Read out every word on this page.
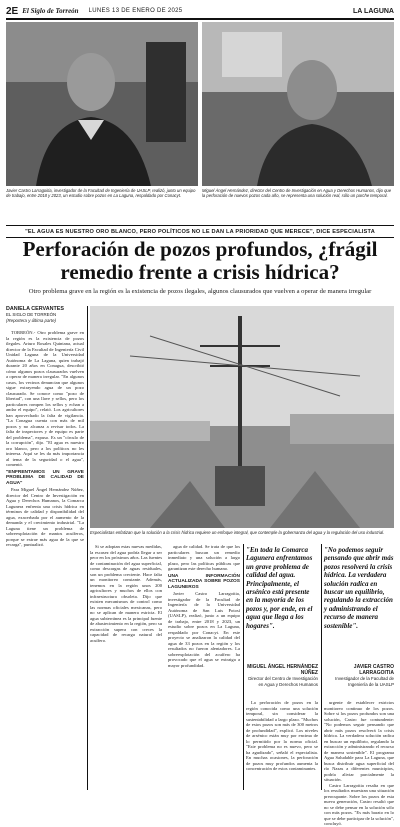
2E El Siglo de Torreón LUNES 13 DE ENERO DE 2025	LA LAGUNA
Javier Castro Larragoitia, investigador de la Facultad de Ingeniería de UASLP, realizó, junto un equipo de trabajo, entre 2018 y 2023, un estudio sobre pozos en La Laguna, respaldado por Conacyt.
Miguel Ángel Hernández, director del Centro de Investigación en Agua y Derechos Humanos, dijo que la perforación de nuevos pozos cada año, se representa una solución real, sólo un parche temporal.
"EL AGUA ES NUESTRO ORO BLANCO, PERO POLÍTICOS NO LE DAN LA PRIORIDAD QUE MERECE", DICE ESPECIALISTA
Perforación de pozos profundos, ¿frágil remedio frente a crisis hídrica?
Otro problema grave en la región es la existencia de pozos ilegales, algunos clausurados que vuelven a operar de manera irregular
DANIELA CERVANTES
EL SIGLO DE TORREÓN
(Reportera y última parte)

TORREÓN.- Otro problema grave en la región es la existencia de pozos ilegales. Arturo Rosales Quintana, actual director de la Facultad de Ingeniería Civil Unidad Laguna de la Universidad Autónoma de La Laguna, quien trabajó durante 20 años en Conagua, describió cómo algunos pozos clausurados vuelven a operar de manera irregular. "En algunos casos, los vecinos denuncian que algunos sigue extrayendo agua de un pozo clausurado. Se conoce como "pozo de libertad", con una llave y sellos, pero los particulares rompen los sellos y echan a andar el equipo", relató. Los agricultores han aprovechado la falta de vigilancia. "La Conagua cuenta con más de mil pozos y no alcanza a revisar todos. La falta de inspectores y de equipo es parte del problema", expuso. Es un "círculo de la corrupción", dijo. "El agua es nuestro oro blanco, pero a los políticos no les interesa. Aquí se les da más importancia al tema de la seguridad o el agua", comentó.

"ENFRENTAMOS UN GRAVE PROBLEMA DE CALIDAD DE AGUA"

Para Miguel Ángel Hernández Núñez, director del Centro de Investigación en Agua y Derechos Humanos, la Comarca Lagunera enfrenta una crisis hídrica en términos de calidad y disponibilidad del agua, exacerbada por el aumento de la demanda y el crecimiento industrial. "La Laguna tiene un problema de sobreexplotación de mantos acuíferos, porque se extrae más agua de la que se recarga", puntualizó.

Especialistas enfatizan que la solución a la crisis hídrica requiere un enfoque integral, que contemple la gobernanza del agua y la regulación del uso industrial.

Si se adoptan estas nuevas medidas, la escasez del agua podría llegar a ser peor en los próximos años. Las fuentes de contaminación del agua superficial, como descargas de aguas residuales, son un problema creciente. Hace falta un monitoreo constante. Además, tenemos en la región unos 200 agricultores y muchos de ellos con infraestructura obsoleta. Dijo que existen mecanismos de control como las normas oficiales mexicanas, pero no se aplican de manera estricta. El agua subterránea es la principal fuente de abastecimiento en la región, pero su extracción supera con creces la capacidad de recarga natural del acuífero.

agua de calidad. Se trata de que los particulares buscan un remedio inmediato y una solución a largo plazo, pero las políticas públicas que garantizan este derecho humano.

UNA INFORMACIÓN ACTUALIZADA SOBRE POZOS LAGUNEROS

Javier Castro Larragoitia, investigador de la Facultad de Ingeniería de la Universidad Autónoma de San Luis Potosí (UASLP), realizó, junto a un equipo de trabajo, entre 2018 y 2023, un estudio sobre pozos en La Laguna, respaldado por Conacyt. En este proyecto se analizaron la calidad del agua de 33 pozos en la región y los resultados no fueron alentadores. La sobreexplotación del acuífero ha provocado que el agua se extraiga a mayor profundidad.

"En toda la Comarca Lagunera enfrentamos un grave problema de calidad del agua. Principalmente, el arsénico está presente en la mayoría de los pozos y, por ende, en el agua que llega a los hogares".
MIGUEL ÁNGEL HERNÁNDEZ NÚÑEZ
Director del Centro de Investigación en Agua y Derechos Humanos

La perforación de pozos en la región conocida como una solución temporal, sin considerar la sustentabilidad a largo plazo. "Muchos de estos pozos son más de 300 metros de profundidad", explicó. Los niveles de arsénico están muy por encima de lo permitido por la norma oficial. "Este problema no es nuevo, pero se ha agudizado", señaló el especialista. En muchas ocasiones, la perforación de pozos muy profundos aumenta la concentración de estos contaminantes.

"No podemos seguir pensando que abrir más pozos resolverá la crisis hídrica. La verdadera solución radica en buscar un equilibrio, regulando la extracción y administrando el recurso de manera sostenible".
JAVIER CASTRO LARRAGOITIA
Investigador de la Facultad de Ingeniería de la UASLP

urgente de establecer estrictos monitoreo continuo de los pozos. Sobre si los pozos profundos son una solución, Castro fue contundente: "No podemos seguir pensando que abrir más pozos resolverá la crisis hídrica. La verdadera solución radica en buscar un equilibrio, regulando la extracción y administrando el recurso de manera sostenible". El programa Agua Saludable para La Laguna, que busca distribuir agua superficial del río Nazas a diferentes municipios, podría aliviar parcialmente la situación.

Castro Larragoitia resalta en que los resultados muestran una situación preocupante. Sobre los pozos de esta nueva generación, Castro resaltó que no se debe pensar en la solución sólo con más pozos. "Es más barato en lo que se debe participar de la solución", concluyó.
